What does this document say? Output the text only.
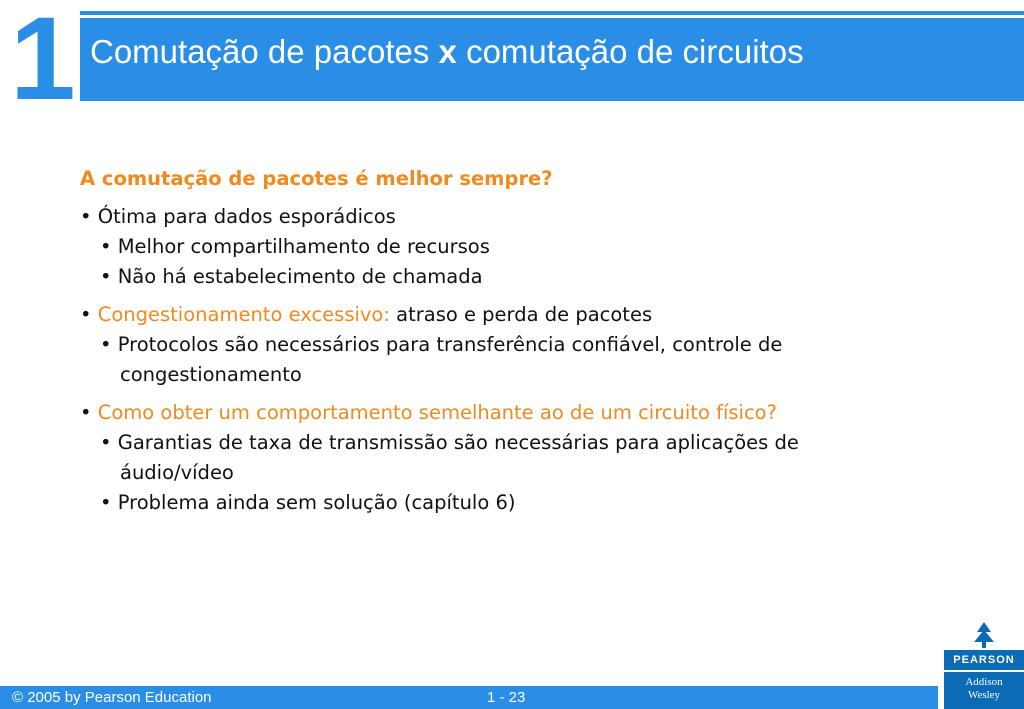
1 Comutação de pacotes x comutação de circuitos
A comutação de pacotes é melhor sempre?
• Ótima para dados esporádicos
• Melhor compartilhamento de recursos
• Não há estabelecimento de chamada
• Congestionamento excessivo: atraso e perda de pacotes
• Protocolos são necessários para transferência confiável, controle de
congestionamento
• Como obter um comportamento semelhante ao de um circuito físico?
• Garantias de taxa de transmissão são necessárias para aplicações de
áudio/vídeo
• Problema ainda sem solução (capítulo 6)
PEARSON
Addison
Wesley
© 2005 by Pearson Education	1 - 23
